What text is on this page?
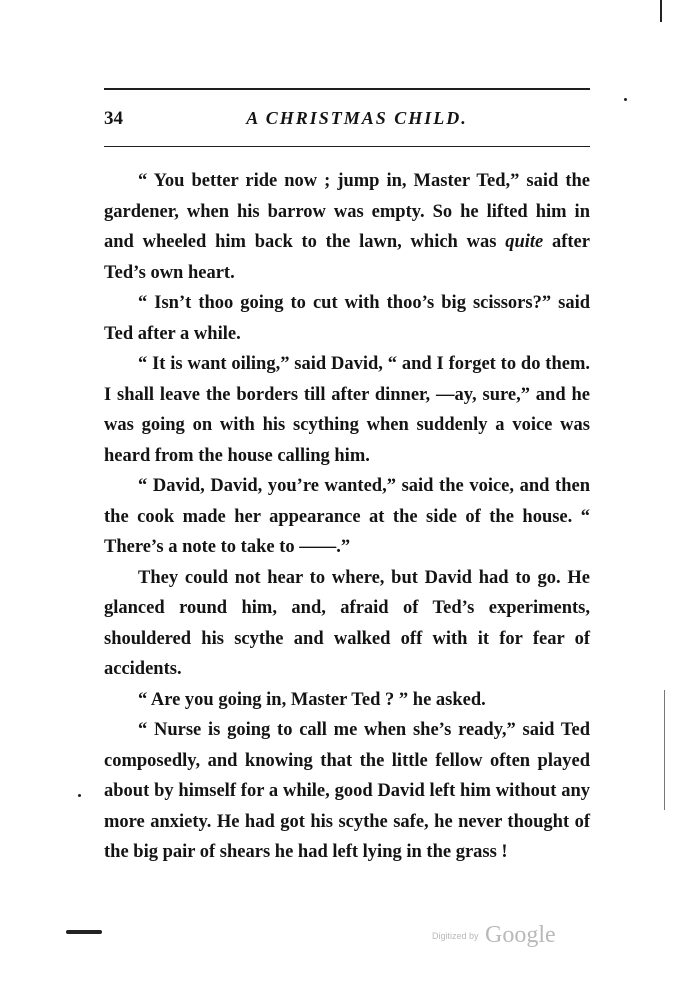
34	A CHRISTMAS CHILD.

“ You better ride now ; jump in, Master Ted,” said the gardener, when his barrow was empty. So he lifted him in and wheeled him back to the lawn, which was quite after Ted’s own heart.

“ Isn’t thoo going to cut with thoo’s big scissors?” said Ted after a while.

“ It is want oiling,” said David, “ and I forget to do them. I shall leave the borders till after dinner, —ay, sure,” and he was going on with his scything when suddenly a voice was heard from the house calling him.

“ David, David, you’re wanted,” said the voice, and then the cook made her appearance at the side of the house. “ There’s a note to take to ——.”

They could not hear to where, but David had to go. He glanced round him, and, afraid of Ted’s experiments, shouldered his scythe and walked off with it for fear of accidents.

“ Are you going in, Master Ted ? ” he asked.

“ Nurse is going to call me when she’s ready,” said Ted composedly, and knowing that the little fellow often played about by himself for a while, good David left him without any more anxiety. He had got his scythe safe, he never thought of the big pair of shears he had left lying in the grass !

Digitized by Google
